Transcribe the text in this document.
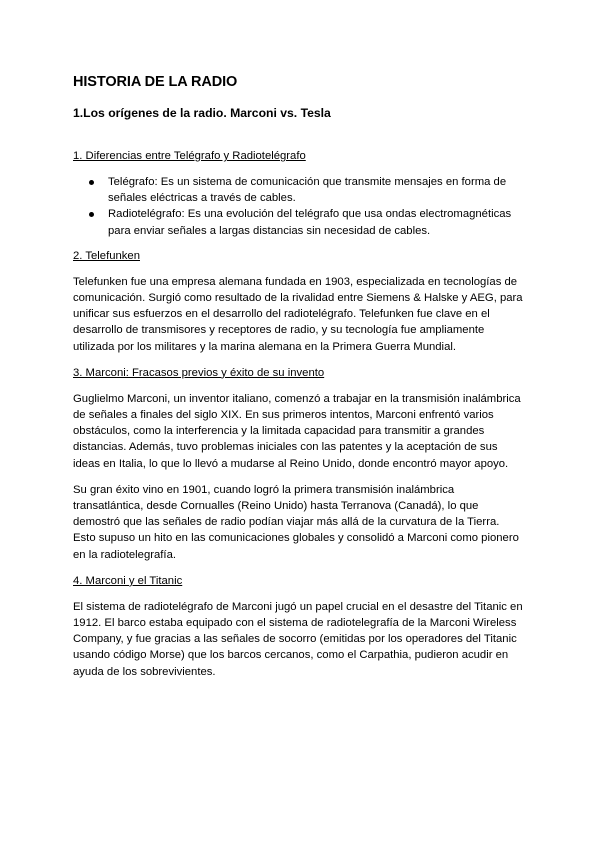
HISTORIA DE LA RADIO
1.Los orígenes de la radio. Marconi vs. Tesla
1. Diferencias entre Telégrafo y Radiotelégrafo
Telégrafo: Es un sistema de comunicación que transmite mensajes en forma de señales eléctricas a través de cables.
Radiotelégrafo: Es una evolución del telégrafo que usa ondas electromagnéticas para enviar señales a largas distancias sin necesidad de cables.
2. Telefunken

Telefunken fue una empresa alemana fundada en 1903, especializada en tecnologías de comunicación. Surgió como resultado de la rivalidad entre Siemens & Halske y AEG, para unificar sus esfuerzos en el desarrollo del radiotelégrafo. Telefunken fue clave en el desarrollo de transmisores y receptores de radio, y su tecnología fue ampliamente utilizada por los militares y la marina alemana en la Primera Guerra Mundial.

3. Marconi: Fracasos previos y éxito de su invento

Guglielmo Marconi, un inventor italiano, comenzó a trabajar en la transmisión inalámbrica de señales a finales del siglo XIX. En sus primeros intentos, Marconi enfrentó varios obstáculos, como la interferencia y la limitada capacidad para transmitir a grandes distancias. Además, tuvo problemas iniciales con las patentes y la aceptación de sus ideas en Italia, lo que lo llevó a mudarse al Reino Unido, donde encontró mayor apoyo.

Su gran éxito vino en 1901, cuando logró la primera transmisión inalámbrica transatlántica, desde Cornualles (Reino Unido) hasta Terranova (Canadá), lo que demostró que las señales de radio podían viajar más allá de la curvatura de la Tierra. Esto supuso un hito en las comunicaciones globales y consolidó a Marconi como pionero en la radiotelegrafía.

4. Marconi y el Titanic

El sistema de radiotelégrafo de Marconi jugó un papel crucial en el desastre del Titanic en 1912. El barco estaba equipado con el sistema de radiotelegrafía de la Marconi Wireless Company, y fue gracias a las señales de socorro (emitidas por los operadores del Titanic usando código Morse) que los barcos cercanos, como el Carpathia, pudieron acudir en ayuda de los sobrevivientes.
